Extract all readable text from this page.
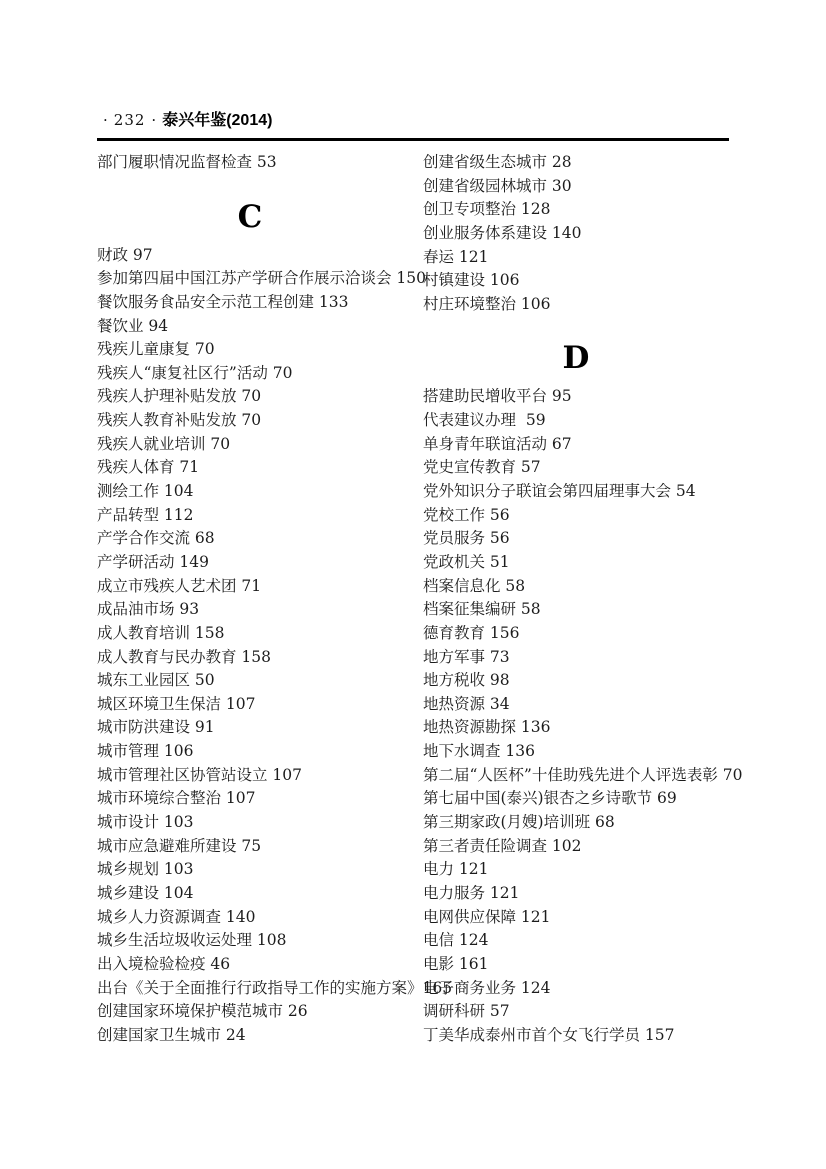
· 232 · 泰兴年鉴(2014)
部门履职情况监督检查 53
C
财政 97
参加第四届中国江苏产学研合作展示洽谈会 150
餐饮服务食品安全示范工程创建 133
餐饮业 94
残疾儿童康复 70
残疾人“康复社区行”活动 70
残疾人护理补贴发放 70
残疾人教育补贴发放 70
残疾人就业培训 70
残疾人体育 71
测绘工作 104
产品转型 112
产学合作交流 68
产学研活动 149
成立市残疾人艺术团 71
成品油市场 93
成人教育培训 158
成人教育与民办教育 158
城东工业园区 50
城区环境卫生保洁 107
城市防洪建设 91
城市管理 106
城市管理社区协管站设立 107
城市环境综合整治 107
城市设计 103
城市应急避难所建设 75
城乡规划 103
城乡建设 104
城乡人力资源调查 140
城乡生活垃圾收运处理 108
出入境检验检疫 46
出台《关于全面推行行政指导工作的实施方案》165
创建国家环境保护模范城市 26
创建国家卫生城市 24
创建省级生态城市 28
创建省级园林城市 30
创卫专项整治 128
创业服务体系建设 140
春运 121
村镇建设 106
村庄环境整治 106
D
搭建助民增收平台 95
代表建议办理  59
单身青年联谊活动 67
党史宣传教育 57
党外知识分子联谊会第四届理事大会 54
党校工作 56
党员服务 56
党政机关 51
档案信息化 58
档案征集编研 58
德育教育 156
地方军事 73
地方税收 98
地热资源 34
地热资源勘探 136
地下水调查 136
第二届“人医杯”十佳助残先进个人评选表彰 70
第七届中国(泰兴)银杏之乡诗歌节 69
第三期家政(月嫂)培训班 68
第三者责任险调查 102
电力 121
电力服务 121
电网供应保障 121
电信 124
电影 161
电子商务业务 124
调研科研 57
丁美华成泰州市首个女飞行学员 157
